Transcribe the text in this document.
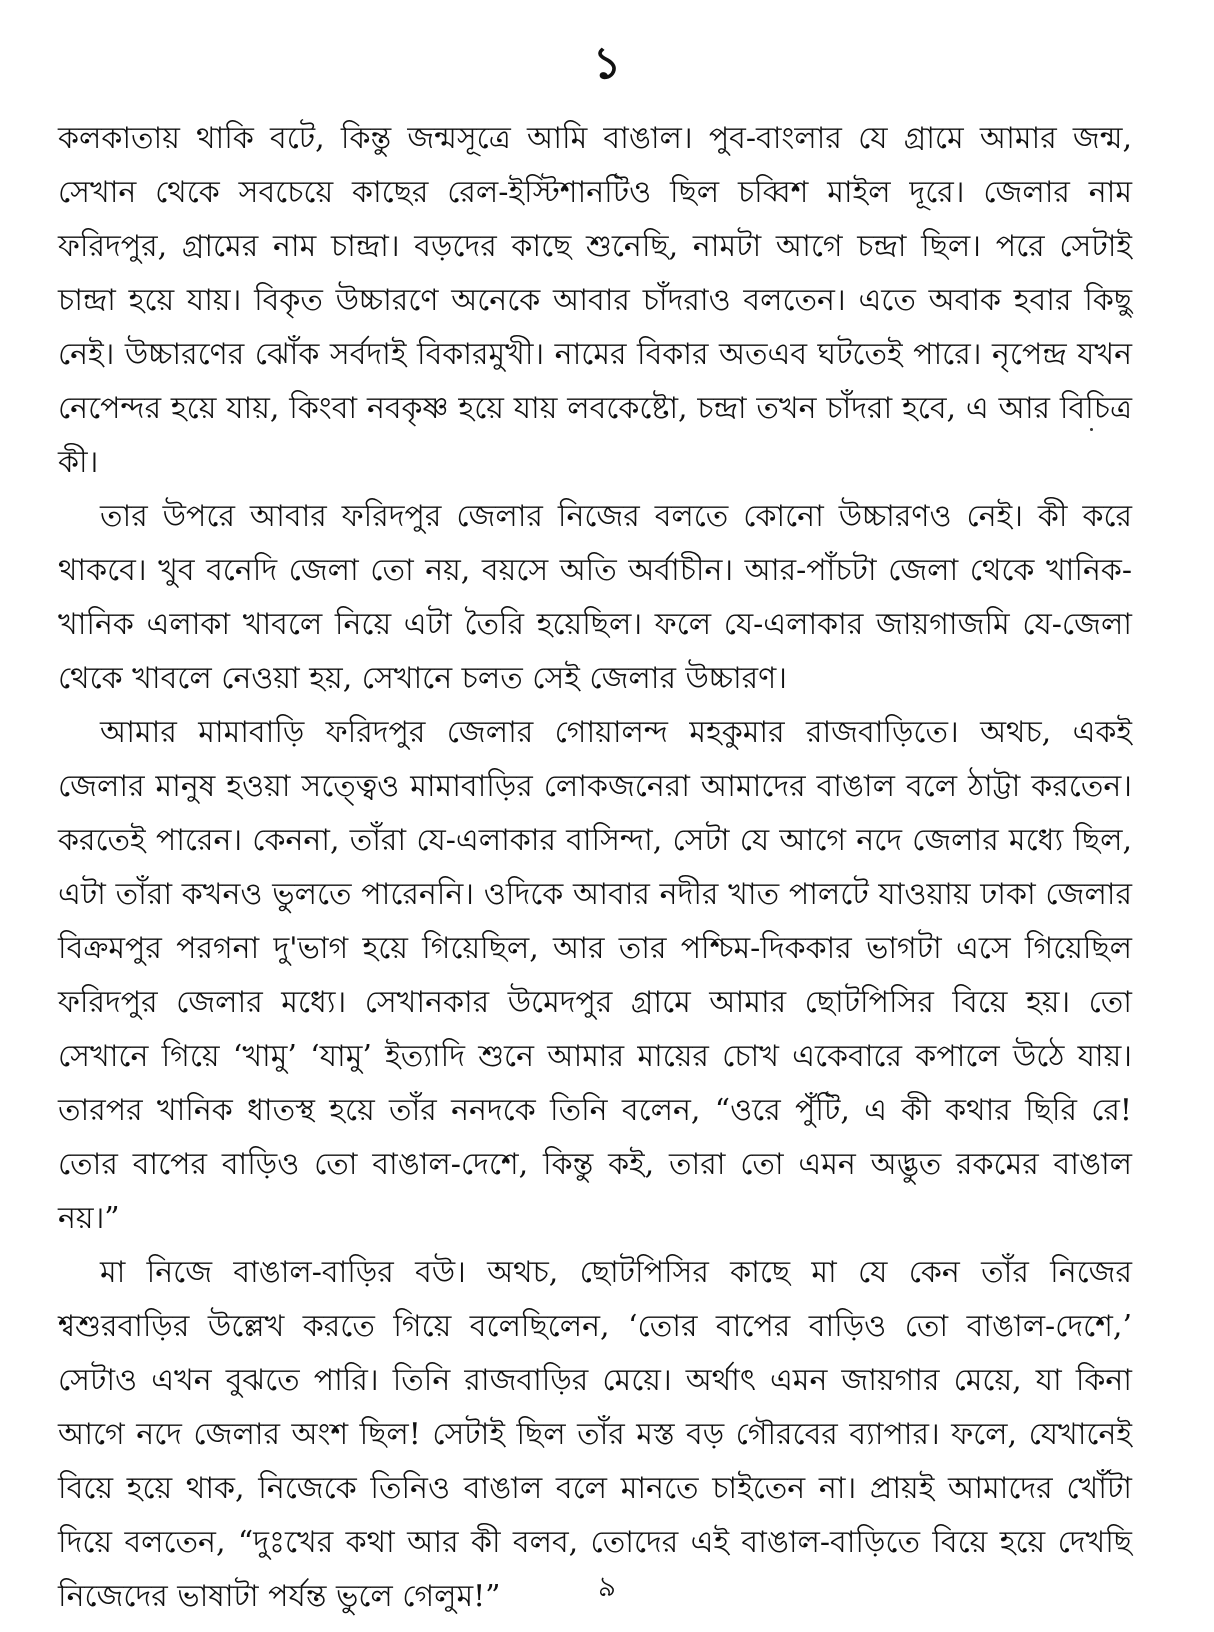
১

কলকাতায় থাকি বটে, কিন্তু জন্মসূত্রে আমি বাঙাল। পুব-বাংলার যে গ্রামে আমার জন্ম, সেখান থেকে সবচেয়ে কাছের রেল-ইস্টিশানটিও ছিল চব্বিশ মাইল দূরে। জেলার নাম ফরিদপুর, গ্রামের নাম চান্দ্রা। বড়দের কাছে শুনেছি, নামটা আগে চন্দ্রা ছিল। পরে সেটাই চান্দ্রা হয়ে যায়। বিকৃত উচ্চারণে অনেকে আবার চাঁদরাও বলতেন। এতে অবাক হবার কিছু নেই। উচ্চারণের ঝোঁক সর্বদাই বিকারমুখী। নামের বিকার অতএব ঘটতেই পারে। নৃপেন্দ্র যখন নেপেন্দর হয়ে যায়, কিংবা নবকৃষ্ণ হয়ে যায় লবকেষ্টো, চন্দ্রা তখন চাঁদরা হবে, এ আর বিচিত্র কী।

তার উপরে আবার ফরিদপুর জেলার নিজের বলতে কোনো উচ্চারণও নেই। কী করে থাকবে। খুব বনেদি জেলা তো নয়, বয়সে অতি অর্বাচীন। আর-পাঁচটা জেলা থেকে খানিক-খানিক এলাকা খাবলে নিয়ে এটা তৈরি হয়েছিল। ফলে যে-এলাকার জায়গাজমি যে-জেলা থেকে খাবলে নেওয়া হয়, সেখানে চলত সেই জেলার উচ্চারণ।

আমার মামাবাড়ি ফরিদপুর জেলার গোয়ালন্দ মহকুমার রাজবাড়িতে। অথচ, একই জেলার মানুষ হওয়া সত্ত্বেও মামাবাড়ির লোকজনেরা আমাদের বাঙাল বলে ঠাট্টা করতেন। করতেই পারেন। কেননা, তাঁরা যে-এলাকার বাসিন্দা, সেটা যে আগে নদে জেলার মধ্যে ছিল, এটা তাঁরা কখনও ভুলতে পারেননি। ওদিকে আবার নদীর খাত পালটে যাওয়ায় ঢাকা জেলার বিক্রমপুর পরগনা দু'ভাগ হয়ে গিয়েছিল, আর তার পশ্চিম-দিককার ভাগটা এসে গিয়েছিল ফরিদপুর জেলার মধ্যে। সেখানকার উমেদপুর গ্রামে আমার ছোটপিসির বিয়ে হয়। তো সেখানে গিয়ে ‘খামু’ ‘যামু’ ইত্যাদি শুনে আমার মায়ের চোখ একেবারে কপালে উঠে যায়। তারপর খানিক ধাতস্থ হয়ে তাঁর ননদকে তিনি বলেন, “ওরে পুঁটি, এ কী কথার ছিরি রে! তোর বাপের বাড়িও তো বাঙাল-দেশে, কিন্তু কই, তারা তো এমন অদ্ভুত রকমের বাঙাল নয়।”

মা নিজে বাঙাল-বাড়ির বউ। অথচ, ছোটপিসির কাছে মা যে কেন তাঁর নিজের শ্বশুরবাড়ির উল্লেখ করতে গিয়ে বলেছিলেন, ‘তোর বাপের বাড়িও তো বাঙাল-দেশে,’ সেটাও এখন বুঝতে পারি। তিনি রাজবাড়ির মেয়ে। অর্থাৎ এমন জায়গার মেয়ে, যা কিনা আগে নদে জেলার অংশ ছিল! সেটাই ছিল তাঁর মস্ত বড় গৌরবের ব্যাপার। ফলে, যেখানেই বিয়ে হয়ে থাক, নিজেকে তিনিও বাঙাল বলে মানতে চাইতেন না। প্রায়ই আমাদের খোঁটা দিয়ে বলতেন, “দুঃখের কথা আর কী বলব, তোদের এই বাঙাল-বাড়িতে বিয়ে হয়ে দেখছি নিজেদের ভাষাটা পর্যন্ত ভুলে গেলুম!”	৯
